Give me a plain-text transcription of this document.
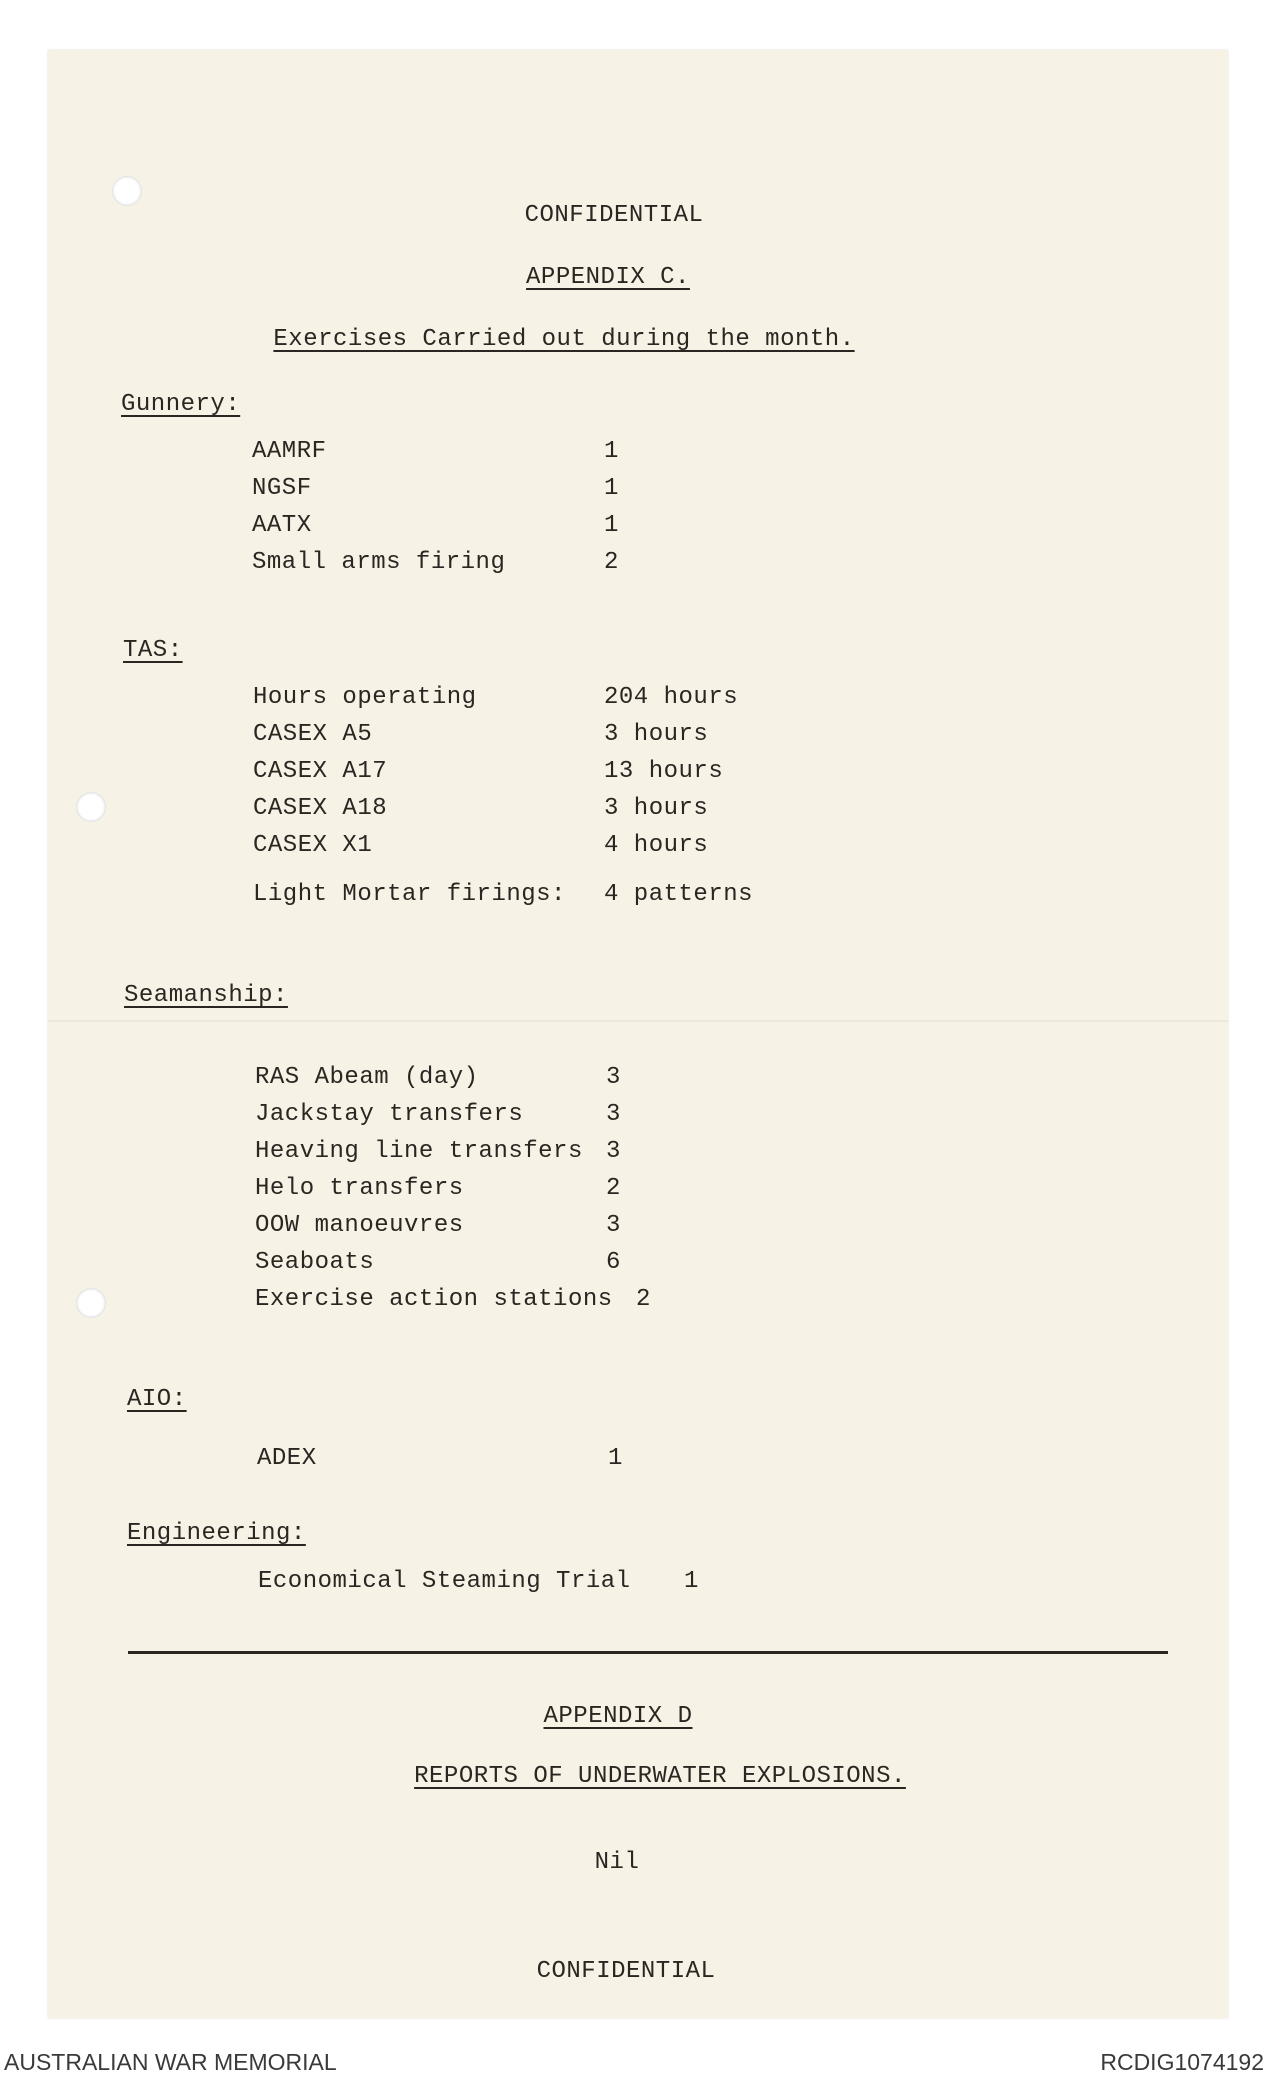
CONFIDENTIAL
APPENDIX C.
Exercises Carried out during the month.
Gunnery:
AAMRF	1
NGSF	1
AATX	1
Small arms firing	2
TAS:
Hours operating	204 hours
CASEX A5	3 hours
CASEX A17	13 hours
CASEX A18	3 hours
CASEX X1	4 hours
Light Mortar firings: 4 patterns
Seamanship:
RAS Abeam (day)	3
Jackstay transfers	3
Heaving line transfers 3
Helo transfers	2
OOW manoeuvres	3
Seaboats	6
Exercise action stations 2
AIO:
ADEX	1
Engineering:
Economical Steaming Trial 1
APPENDIX D
REPORTS OF UNDERWATER EXPLOSIONS.
Nil
CONFIDENTIAL
AUSTRALIAN WAR MEMORIAL	RCDIG1074192
